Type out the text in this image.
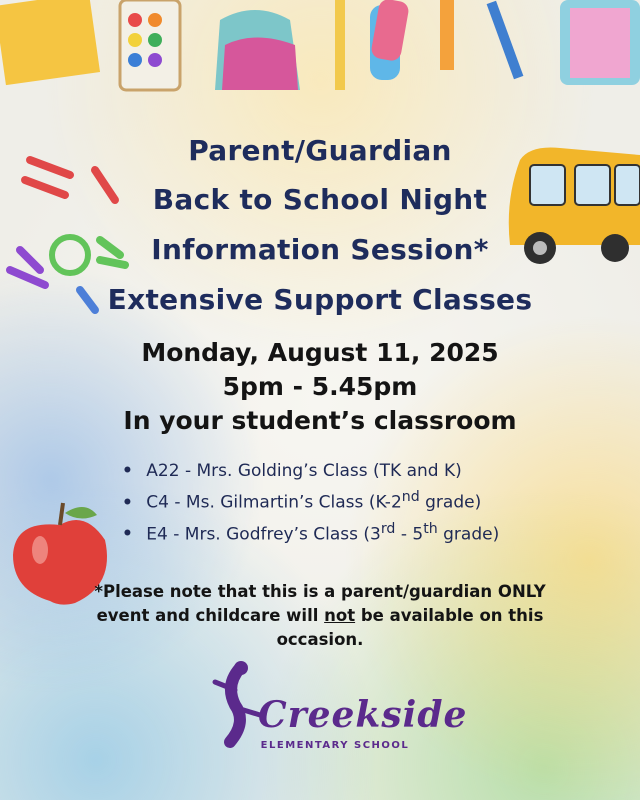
Parent/Guardian
Back to School Night
Information Session*
Extensive Support Classes
Monday, August 11, 2025
5pm - 5.45pm
In your student’s classroom
• A22 - Mrs. Golding’s Class (TK and K)
• C4 - Ms. Gilmartin’s Class (K-2nd grade)
• E4 - Mrs. Godfrey’s Class (3rd - 5th grade)
*Please note that this is a parent/guardian ONLY event and childcare will not be available on this occasion.
Creekside
ELEMENTARY SCHOOL
